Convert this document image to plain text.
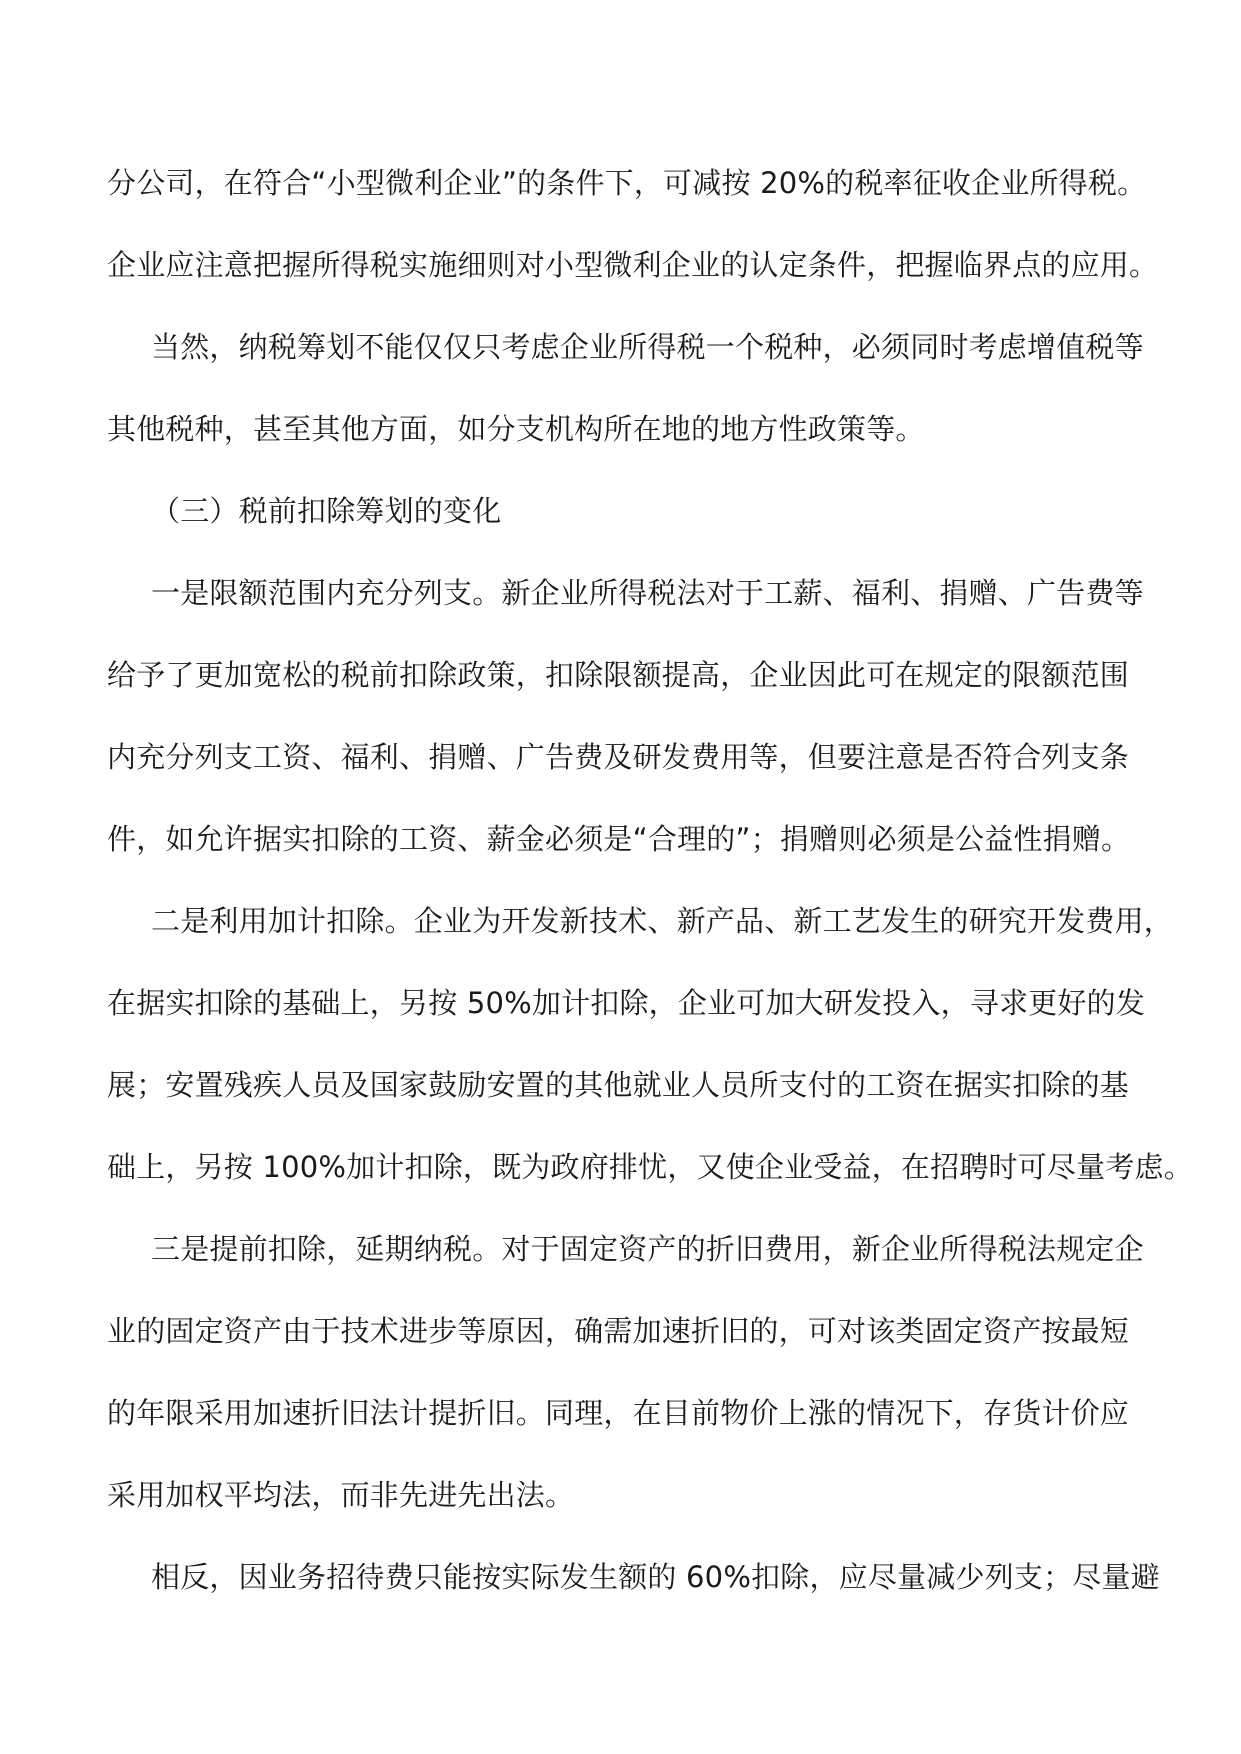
分公司，在符合“小型微利企业”的条件下，可减按 20%的税率征收企业所得税。
企业应注意把握所得税实施细则对小型微利企业的认定条件，把握临界点的应用。
当然，纳税筹划不能仅仅只考虑企业所得税一个税种，必须同时考虑增值税等
其他税种，甚至其他方面，如分支机构所在地的地方性政策等。
（三）税前扣除筹划的变化
一是限额范围内充分列支。新企业所得税法对于工薪、福利、捐赠、广告费等
给予了更加宽松的税前扣除政策，扣除限额提高，企业因此可在规定的限额范围
内充分列支工资、福利、捐赠、广告费及研发费用等，但要注意是否符合列支条
件，如允许据实扣除的工资、薪金必须是“合理的”；捐赠则必须是公益性捐赠。
二是利用加计扣除。企业为开发新技术、新产品、新工艺发生的研究开发费用，
在据实扣除的基础上，另按 50%加计扣除，企业可加大研发投入，寻求更好的发
展；安置残疾人员及国家鼓励安置的其他就业人员所支付的工资在据实扣除的基
础上，另按 100%加计扣除，既为政府排忧，又使企业受益，在招聘时可尽量考虑。
三是提前扣除，延期纳税。对于固定资产的折旧费用，新企业所得税法规定企
业的固定资产由于技术进步等原因，确需加速折旧的，可对该类固定资产按最短
的年限采用加速折旧法计提折旧。同理，在目前物价上涨的情况下，存货计价应
采用加权平均法，而非先进先出法。
相反，因业务招待费只能按实际发生额的 60%扣除，应尽量减少列支；尽量避
